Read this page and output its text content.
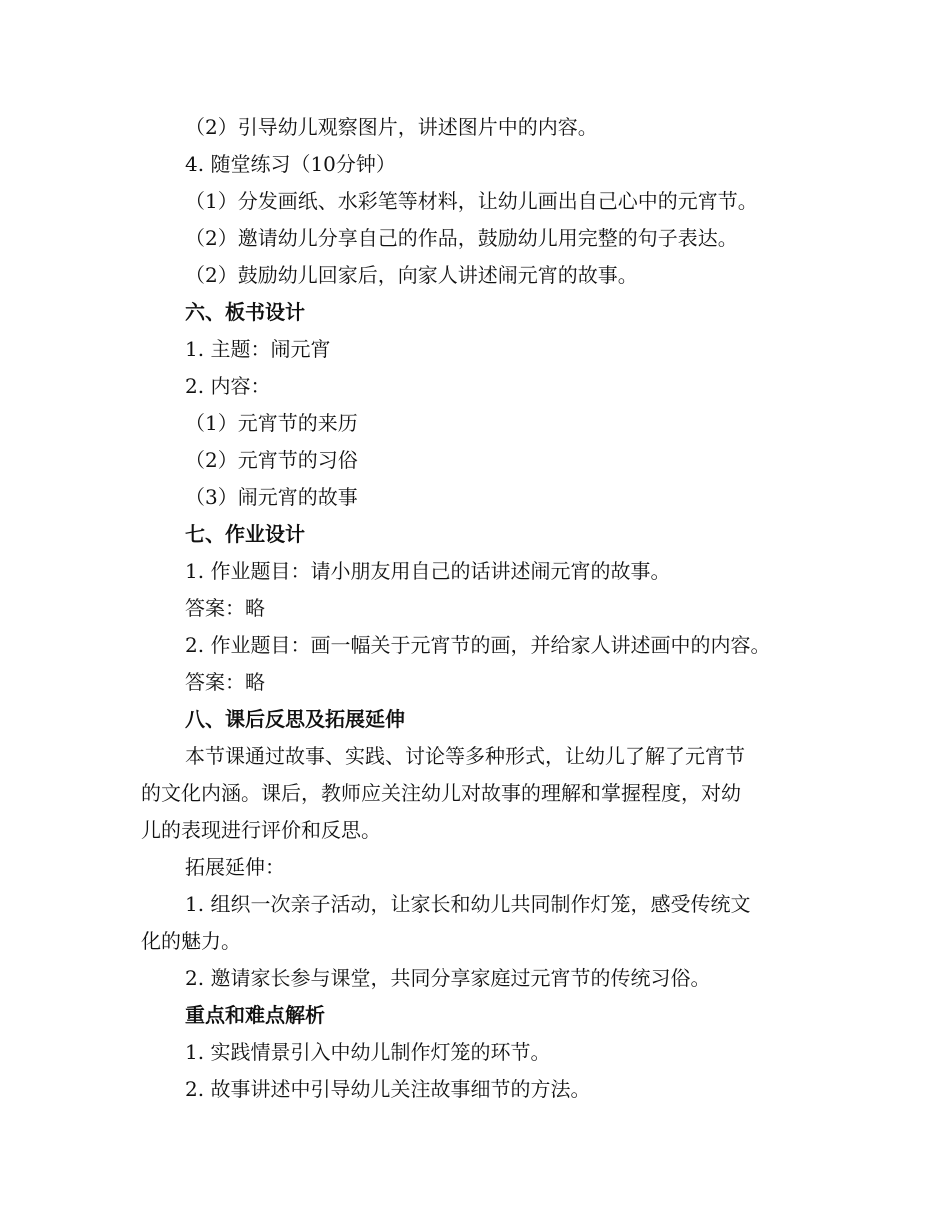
（2）引导幼儿观察图片，讲述图片中的内容。
4. 随堂练习（10分钟）
（1）分发画纸、水彩笔等材料，让幼儿画出自己心中的元宵节。
（2）邀请幼儿分享自己的作品，鼓励幼儿用完整的句子表达。
（2）鼓励幼儿回家后，向家人讲述闹元宵的故事。
六、板书设计
1. 主题：闹元宵
2. 内容：
（1）元宵节的来历
（2）元宵节的习俗
（3）闹元宵的故事
七、作业设计
1. 作业题目：请小朋友用自己的话讲述闹元宵的故事。
答案：略
2. 作业题目：画一幅关于元宵节的画，并给家人讲述画中的内容。
答案：略
八、课后反思及拓展延伸
本节课通过故事、实践、讨论等多种形式，让幼儿了解了元宵节
的文化内涵。课后，教师应关注幼儿对故事的理解和掌握程度，对幼
儿的表现进行评价和反思。
拓展延伸：
1. 组织一次亲子活动，让家长和幼儿共同制作灯笼，感受传统文
化的魅力。
2. 邀请家长参与课堂，共同分享家庭过元宵节的传统习俗。
重点和难点解析
1. 实践情景引入中幼儿制作灯笼的环节。
2. 故事讲述中引导幼儿关注故事细节的方法。
